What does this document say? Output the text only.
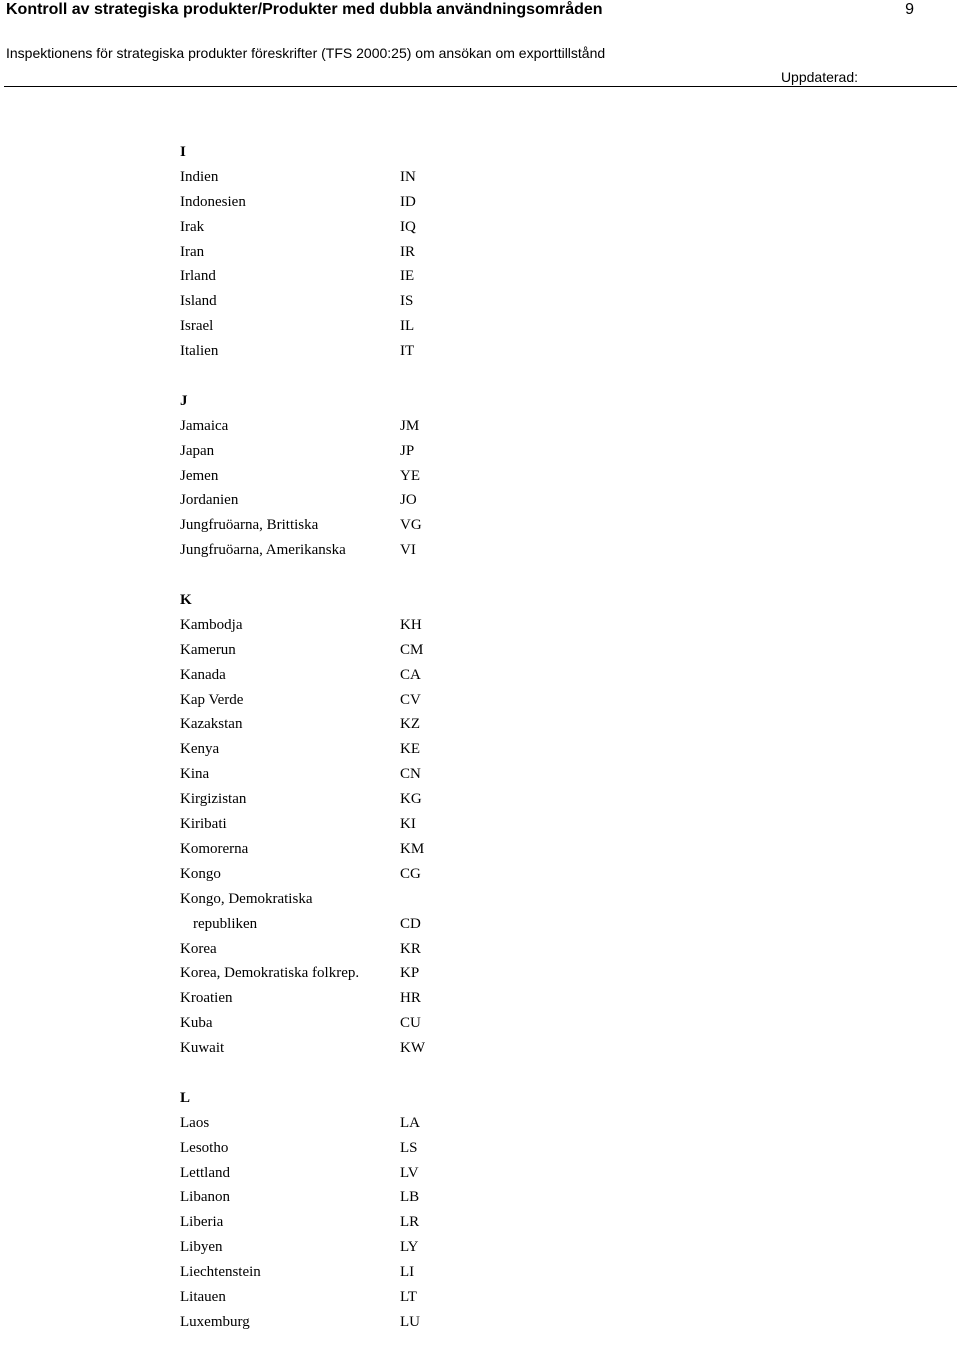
Kontroll av strategiska produkter/Produkter med dubbla användningsområden	9
Inspektionens för strategiska produkter föreskrifter (TFS 2000:25) om ansökan om exporttillstånd
Uppdaterad:
I
Indien	IN
Indonesien	ID
Irak	IQ
Iran	IR
Irland	IE
Island	IS
Israel	IL
Italien	IT
J
Jamaica	JM
Japan	JP
Jemen	YE
Jordanien	JO
Jungfruöarna, Brittiska	VG
Jungfruöarna, Amerikanska	VI
K
Kambodja	KH
Kamerun	CM
Kanada	CA
Kap Verde	CV
Kazakstan	KZ
Kenya	KE
Kina	CN
Kirgizistan	KG
Kiribati	KI
Komorerna	KM
Kongo	CG
Kongo, Demokratiska
republiken	CD
Korea	KR
Korea, Demokratiska folkrep.	KP
Kroatien	HR
Kuba	CU
Kuwait	KW
L
Laos	LA
Lesotho	LS
Lettland	LV
Libanon	LB
Liberia	LR
Libyen	LY
Liechtenstein	LI
Litauen	LT
Luxemburg	LU
